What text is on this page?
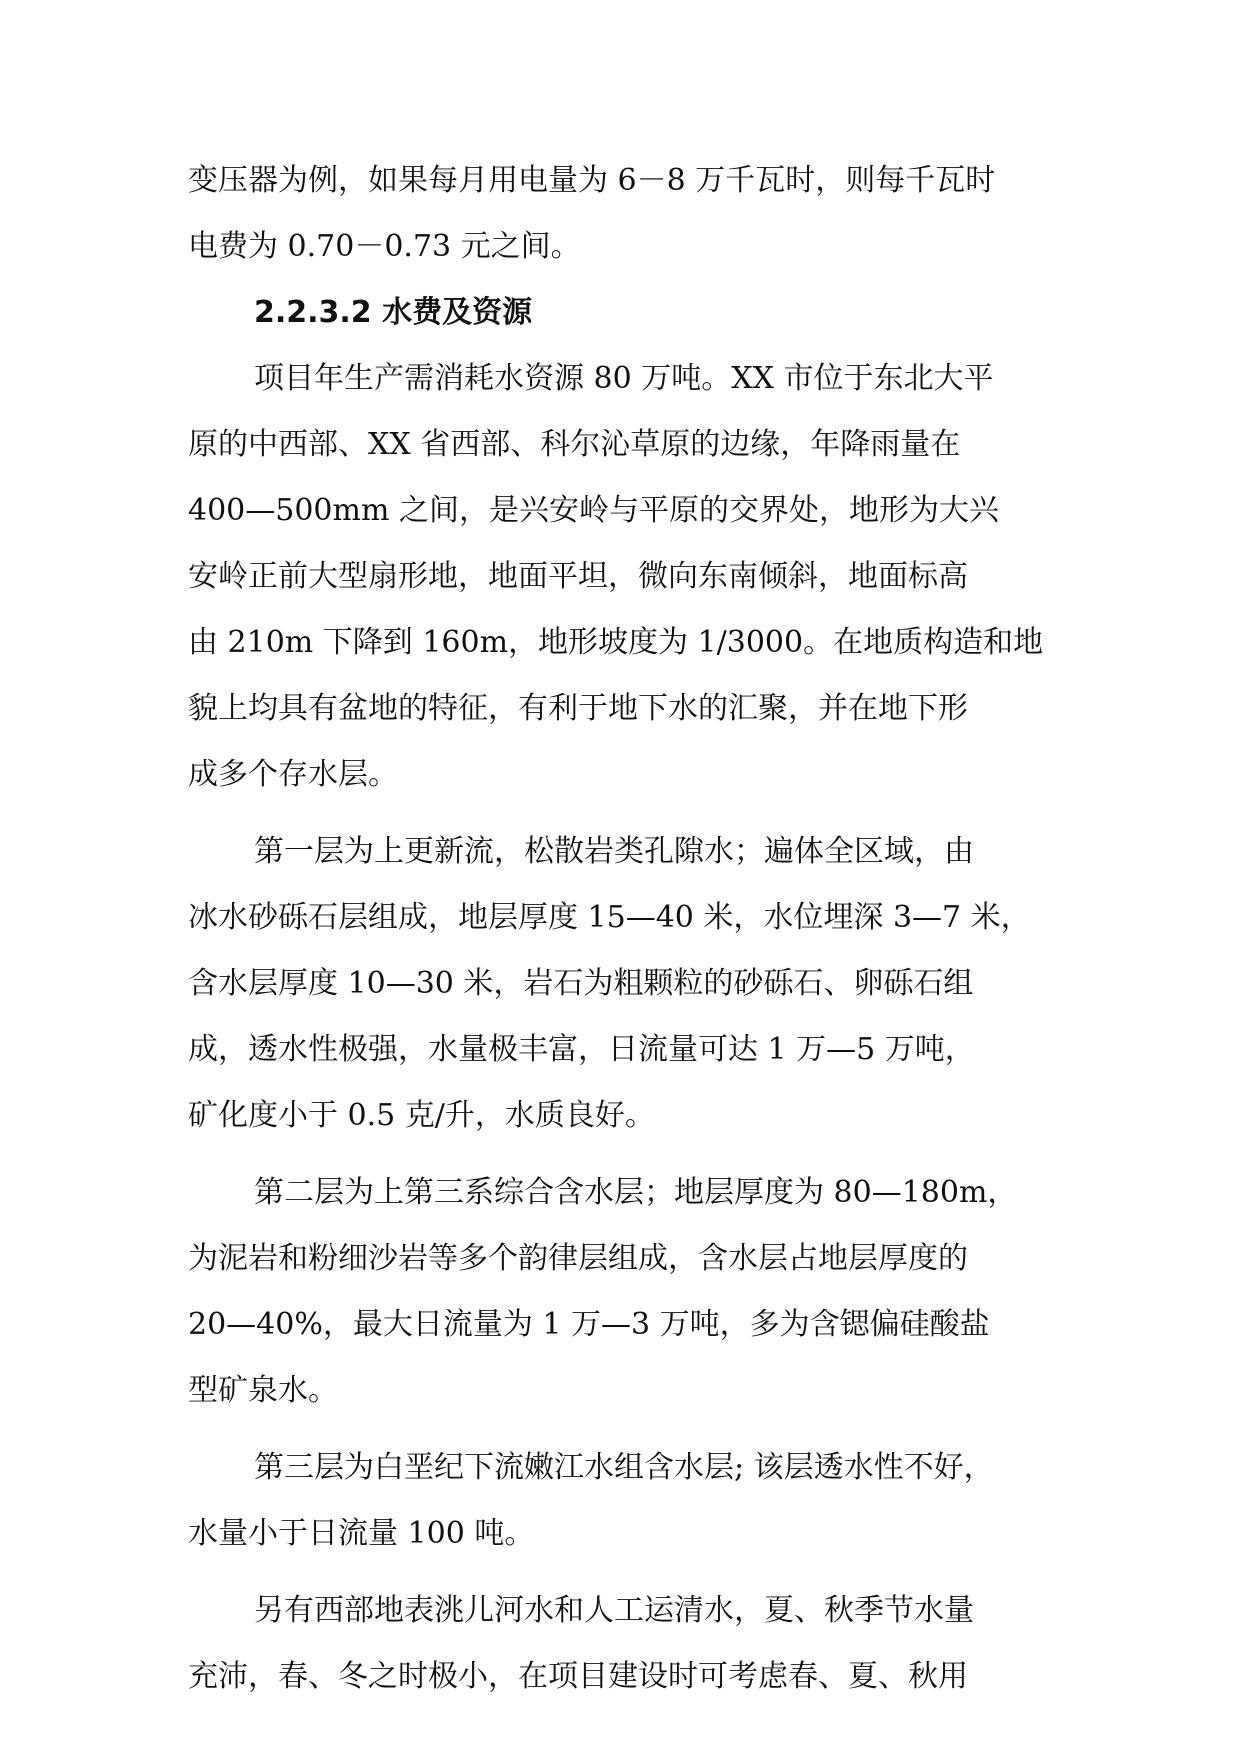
变压器为例，如果每月用电量为 6－8 万千瓦时，则每千瓦时
电费为 0.70－0.73 元之间。
2.2.3.2 水费及资源
项目年生产需消耗水资源 80 万吨。XX 市位于东北大平
原的中西部、XX 省西部、科尔沁草原的边缘，年降雨量在
400—500mm 之间，是兴安岭与平原的交界处，地形为大兴
安岭正前大型扇形地，地面平坦，微向东南倾斜，地面标高
由 210m 下降到 160m，地形坡度为 1/3000。在地质构造和地
貌上均具有盆地的特征，有利于地下水的汇聚，并在地下形
成多个存水层。
第一层为上更新流，松散岩类孔隙水；遍体全区域，由
冰水砂砾石层组成，地层厚度 15—40 米，水位埋深 3—7 米，
含水层厚度 10—30 米，岩石为粗颗粒的砂砾石、卵砾石组
成，透水性极强，水量极丰富，日流量可达 1 万—5 万吨，
矿化度小于 0.5 克/升，水质良好。
第二层为上第三系综合含水层；地层厚度为 80—180m，
为泥岩和粉细沙岩等多个韵律层组成，含水层占地层厚度的
20—40%，最大日流量为 1 万—3 万吨，多为含锶偏硅酸盐
型矿泉水。
第三层为白垩纪下流嫩江水组含水层; 该层透水性不好，
水量小于日流量 100 吨。
另有西部地表洮儿河水和人工运清水，夏、秋季节水量
充沛，春、冬之时极小，在项目建设时可考虑春、夏、秋用
